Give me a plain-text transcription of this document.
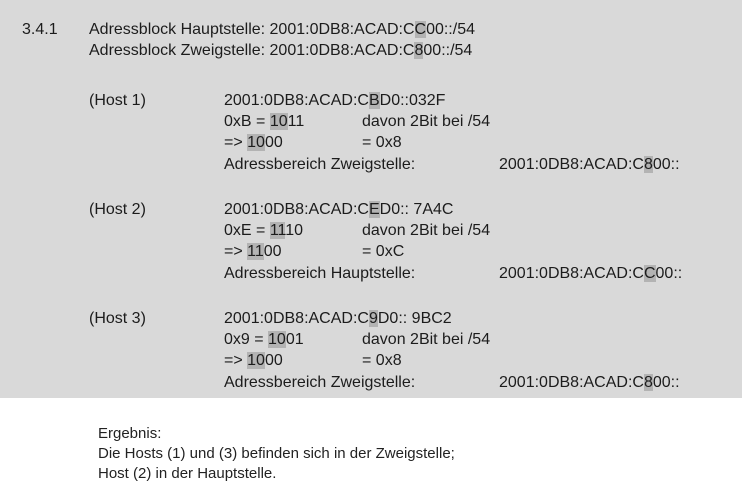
3.4.1 Adressblock Hauptstelle: 2001:0DB8:ACAD:CC00::/54
Adressblock Zweigstelle: 2001:0DB8:ACAD:C800::/54
(Host 1)	2001:0DB8:ACAD:CBD0::032F
0xB = 1011	davon 2Bit bei /54
=> 1000	= 0x8
Adressbereich Zweigstelle:	2001:0DB8:ACAD:C800::
(Host 2)	2001:0DB8:ACAD:CED0:: 7A4C
0xE = 1110	davon 2Bit bei /54
=> 1100	= 0xC
Adressbereich Hauptstelle:	2001:0DB8:ACAD:CC00::
(Host 3)	2001:0DB8:ACAD:C9D0:: 9BC2
0x9 = 1001	davon 2Bit bei /54
=> 1000	= 0x8
Adressbereich Zweigstelle:	2001:0DB8:ACAD:C800::
Ergebnis:
Die Hosts (1) und (3) befinden sich in der Zweigstelle;
Host (2) in der Hauptstelle.
